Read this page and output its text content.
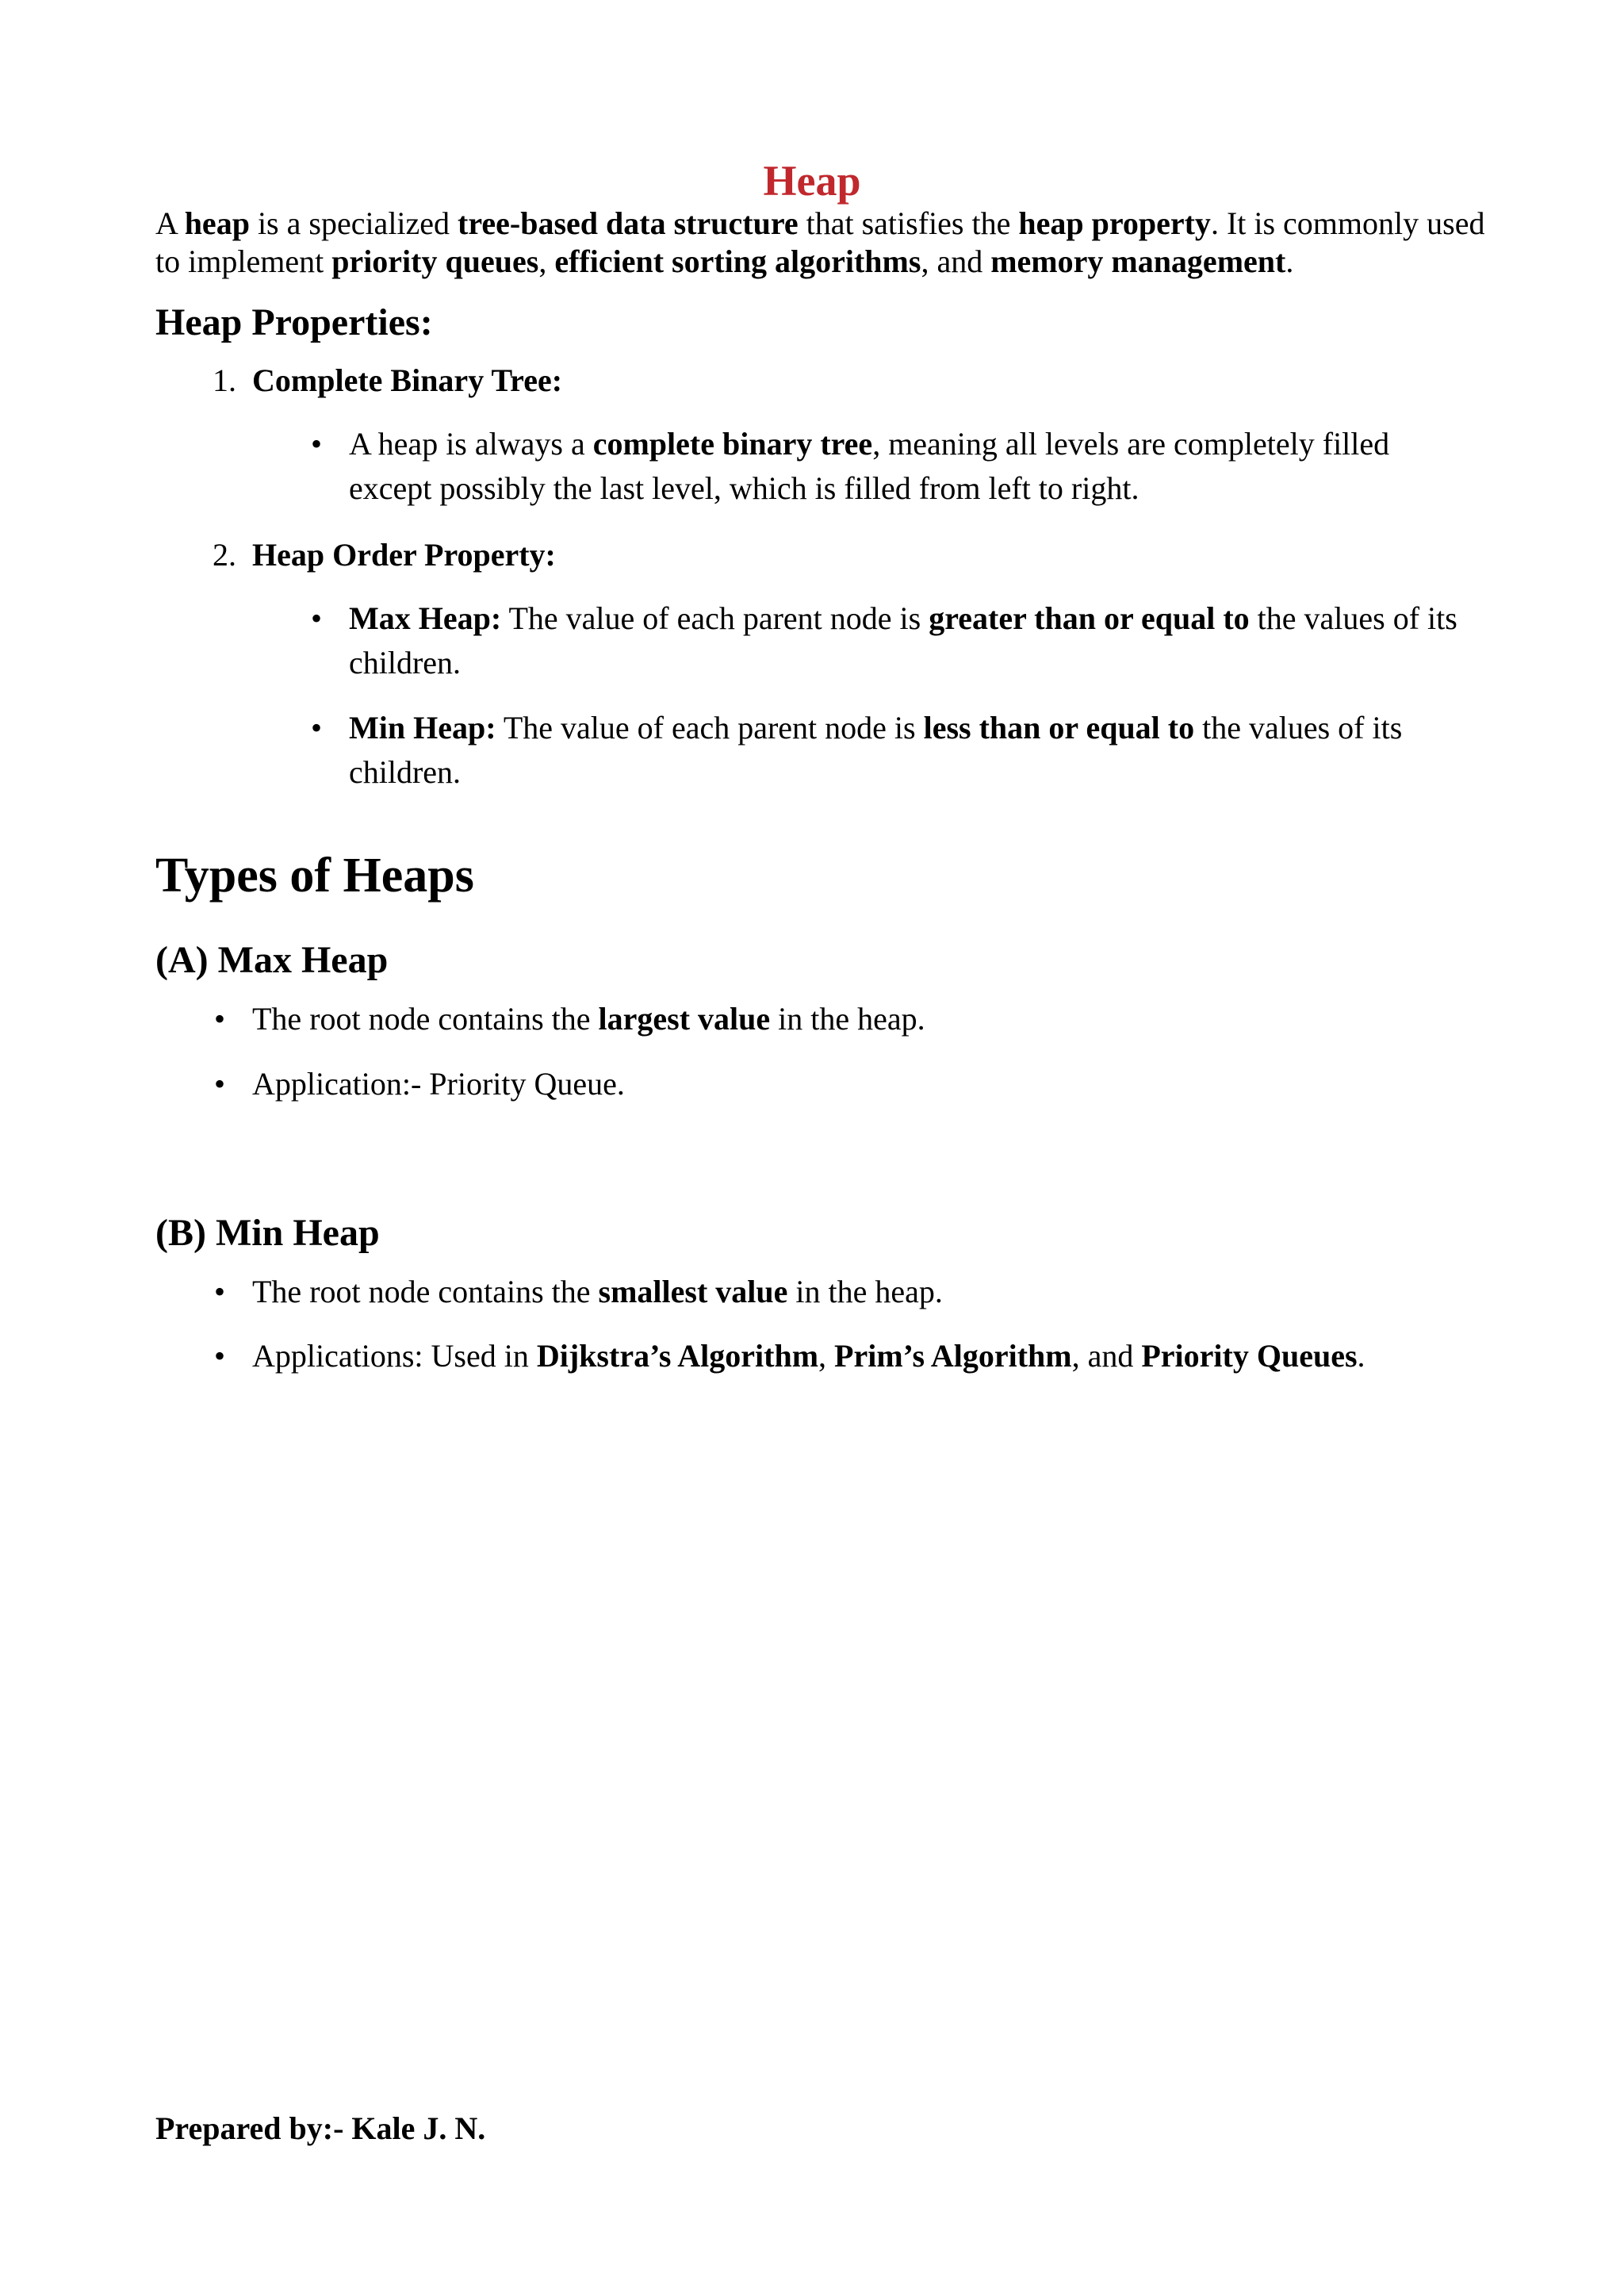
Heap
A heap is a specialized tree-based data structure that satisfies the heap property. It is commonly used to implement priority queues, efficient sorting algorithms, and memory management.
Heap Properties:
1. Complete Binary Tree:
• A heap is always a complete binary tree, meaning all levels are completely filled except possibly the last level, which is filled from left to right.
2. Heap Order Property:
• Max Heap: The value of each parent node is greater than or equal to the values of its children.
• Min Heap: The value of each parent node is less than or equal to the values of its children.
Types of Heaps
(A) Max Heap
• The root node contains the largest value in the heap.
• Application:- Priority Queue.
(B) Min Heap
• The root node contains the smallest value in the heap.
• Applications: Used in Dijkstra’s Algorithm, Prim’s Algorithm, and Priority Queues.
Prepared by:- Kale J. N.
